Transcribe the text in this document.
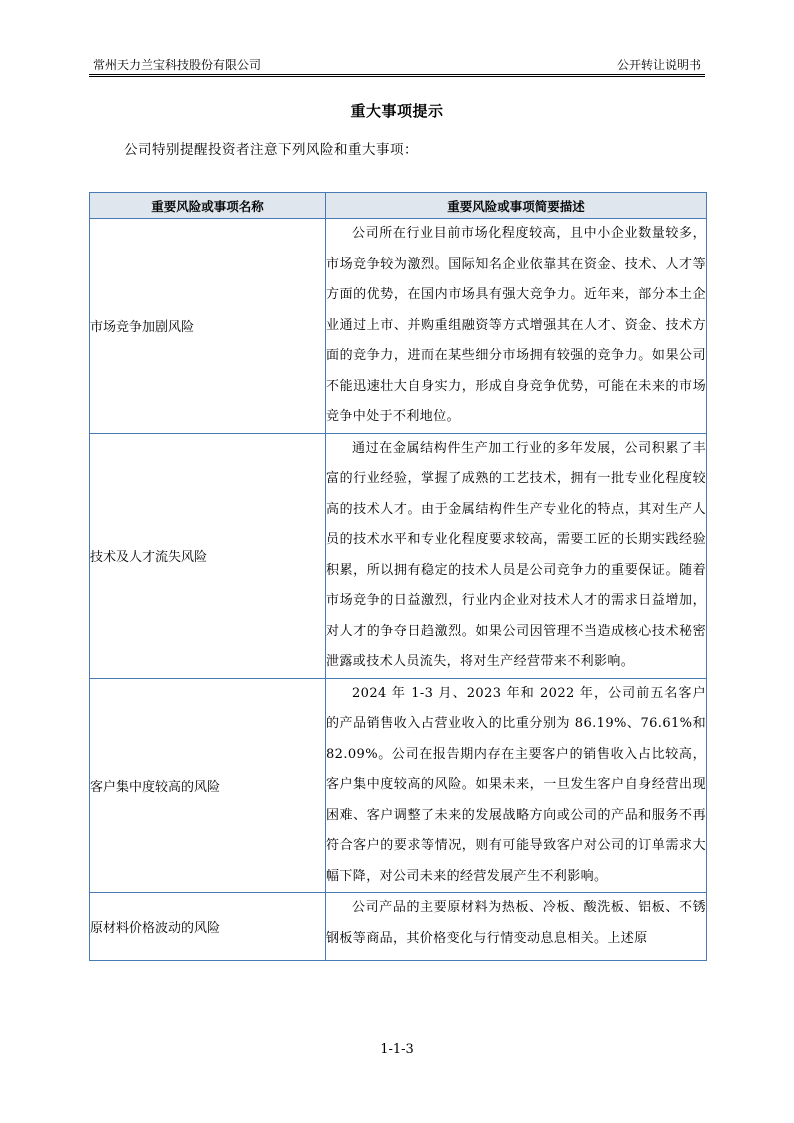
常州天力兰宝科技股份有限公司	公开转让说明书
重大事项提示
公司特别提醒投资者注意下列风险和重大事项：
重要风险或事项名称	重要风险或事项简要描述
市场竞争加剧风险	公司所在行业目前市场化程度较高，且中小企业数量较多，市场竞争较为激烈。国际知名企业依靠其在资金、技术、人才等方面的优势，在国内市场具有强大竞争力。近年来，部分本土企业通过上市、并购重组融资等方式增强其在人才、资金、技术方面的竞争力，进而在某些细分市场拥有较强的竞争力。如果公司不能迅速壮大自身实力，形成自身竞争优势，可能在未来的市场竞争中处于不利地位。
技术及人才流失风险	通过在金属结构件生产加工行业的多年发展，公司积累了丰富的行业经验，掌握了成熟的工艺技术，拥有一批专业化程度较高的技术人才。由于金属结构件生产专业化的特点，其对生产人员的技术水平和专业化程度要求较高，需要工匠的长期实践经验积累，所以拥有稳定的技术人员是公司竞争力的重要保证。随着市场竞争的日益激烈，行业内企业对技术人才的需求日益增加，对人才的争夺日趋激烈。如果公司因管理不当造成核心技术秘密泄露或技术人员流失，将对生产经营带来不利影响。
客户集中度较高的风险	2024 年 1-3 月、2023 年和 2022 年，公司前五名客户的产品销售收入占营业收入的比重分别为 86.19%、76.61%和 82.09%。公司在报告期内存在主要客户的销售收入占比较高，客户集中度较高的风险。如果未来，一旦发生客户自身经营出现困难、客户调整了未来的发展战略方向或公司的产品和服务不再符合客户的要求等情况，则有可能导致客户对公司的订单需求大幅下降，对公司未来的经营发展产生不利影响。
原材料价格波动的风险	公司产品的主要原材料为热板、冷板、酸洗板、铝板、不锈钢板等商品，其价格变化与行情变动息息相关。上述原
1-1-3
